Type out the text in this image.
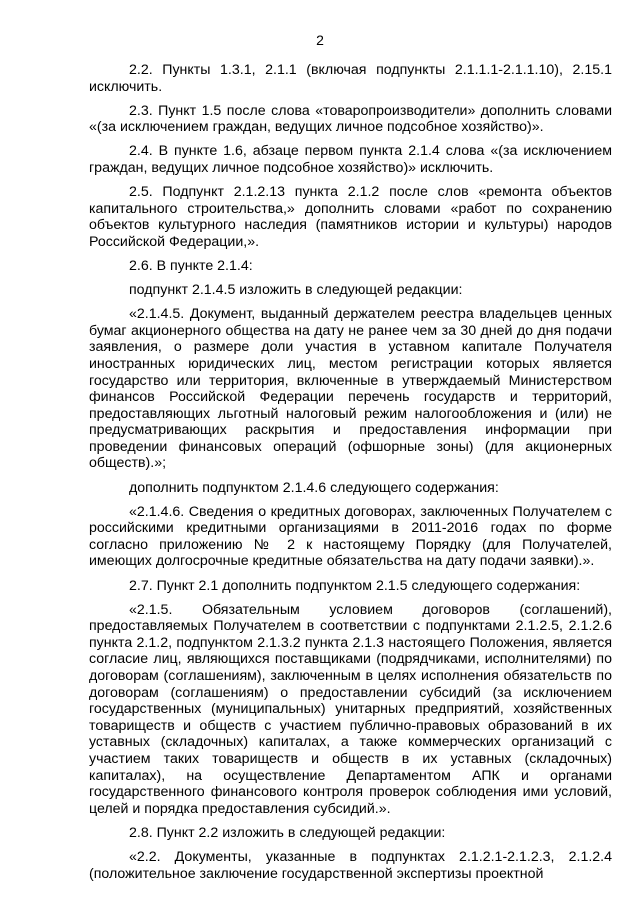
2

2.2. Пункты 1.3.1, 2.1.1 (включая подпункты 2.1.1.1-2.1.1.10), 2.15.1 исключить.

2.3. Пункт 1.5 после слова «товаропроизводители» дополнить словами «(за исключением граждан, ведущих личное подсобное хозяйство)».

2.4. В пункте 1.6, абзаце первом пункта 2.1.4 слова «(за исключением граждан, ведущих личное подсобное хозяйство)» исключить.

2.5. Подпункт 2.1.2.13 пункта 2.1.2 после слов «ремонта объектов капитального строительства,» дополнить словами «работ по сохранению объектов культурного наследия (памятников истории и культуры) народов Российской Федерации,».

2.6. В пункте 2.1.4:

подпункт 2.1.4.5 изложить в следующей редакции:

«2.1.4.5. Документ, выданный держателем реестра владельцев ценных бумаг акционерного общества на дату не ранее чем за 30 дней до дня подачи заявления, о размере доли участия в уставном капитале Получателя иностранных юридических лиц, местом регистрации которых является государство или территория, включенные в утверждаемый Министерством финансов Российской Федерации перечень государств и территорий, предоставляющих льготный налоговый режим налогообложения и (или) не предусматривающих раскрытия и предоставления информации при проведении финансовых операций (офшорные зоны) (для акционерных обществ).»;

дополнить подпунктом 2.1.4.6 следующего содержания:

«2.1.4.6. Сведения о кредитных договорах, заключенных Получателем с российскими кредитными организациями в 2011-2016 годах по форме согласно приложению № 2 к настоящему Порядку (для Получателей, имеющих долгосрочные кредитные обязательства на дату подачи заявки).».

2.7. Пункт 2.1 дополнить подпунктом 2.1.5 следующего содержания:

«2.1.5. Обязательным условием договоров (соглашений), предоставляемых Получателем в соответствии с подпунктами 2.1.2.5, 2.1.2.6 пункта 2.1.2, подпунктом 2.1.3.2 пункта 2.1.3 настоящего Положения, является согласие лиц, являющихся поставщиками (подрядчиками, исполнителями) по договорам (соглашениям), заключенным в целях исполнения обязательств по договорам (соглашениям) о предоставлении субсидий (за исключением государственных (муниципальных) унитарных предприятий, хозяйственных товариществ и обществ с участием публично-правовых образований в их уставных (складочных) капиталах, а также коммерческих организаций с участием таких товариществ и обществ в их уставных (складочных) капиталах), на осуществление Департаментом АПК и органами государственного финансового контроля проверок соблюдения ими условий, целей и порядка предоставления субсидий.».

2.8. Пункт 2.2 изложить в следующей редакции:

«2.2. Документы, указанные в подпунктах 2.1.2.1-2.1.2.3, 2.1.2.4 (положительное заключение государственной экспертизы проектной
